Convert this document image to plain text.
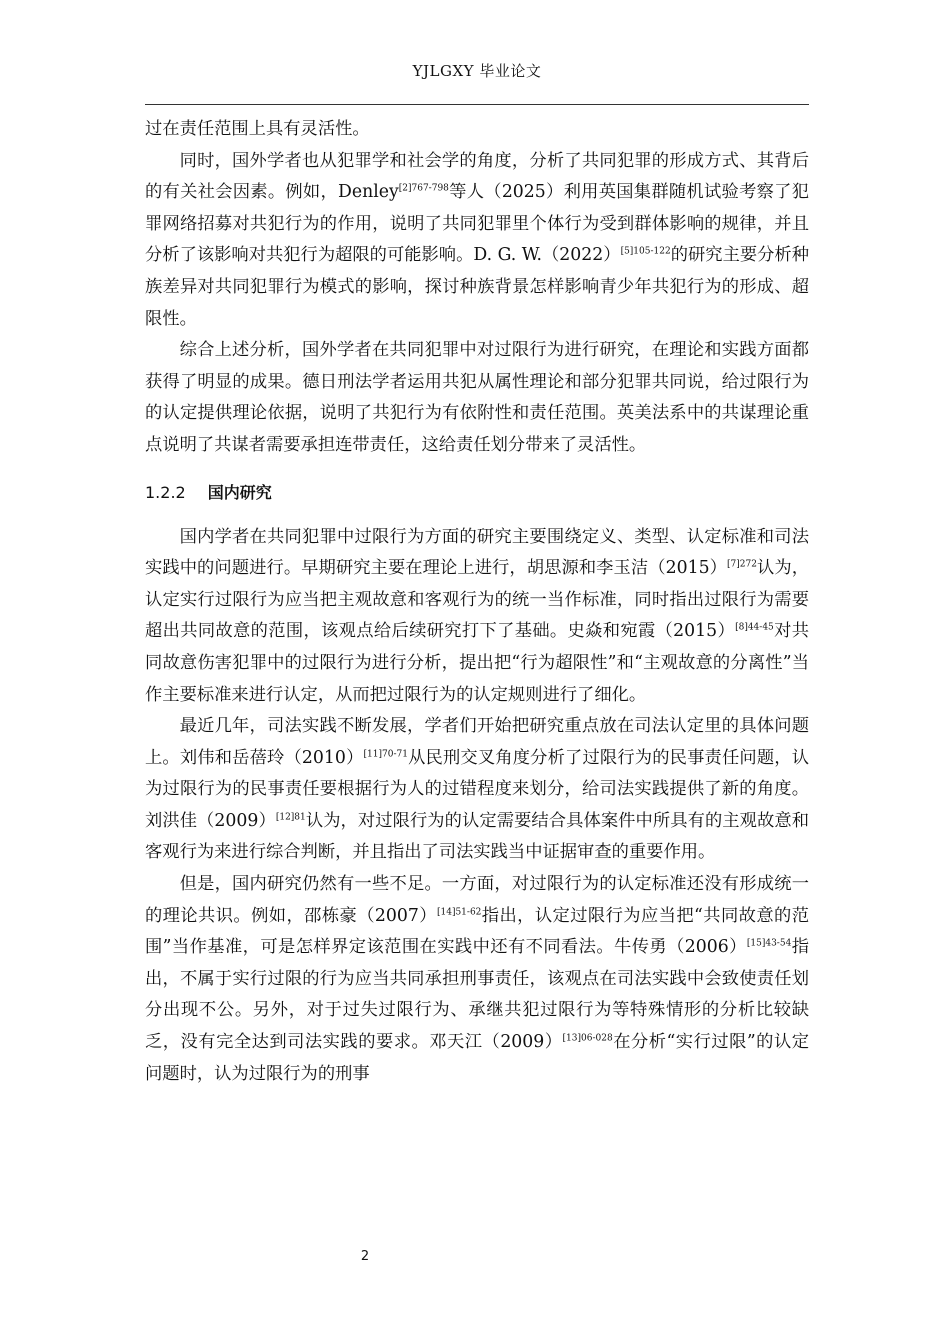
YJLGXY 毕业论文

过在责任范围上具有灵活性。

同时，国外学者也从犯罪学和社会学的角度，分析了共同犯罪的形成方式、其背后的有关社会因素。例如，Denley$^{[2]767-798}$等人（2025）利用英国集群随机试验考察了犯罪网络招募对共犯行为的作用，说明了共同犯罪里个体行为受到群体影响的规律，并且分析了该影响对共犯行为超限的可能影响。D. G. $W.(2022)^{[5]105-122}$的研究主要分析种族差异对共同犯罪行为模式的影响，探讨种族背景怎样影响青少年共犯行为的形成、超限性。

综合上述分析，国外学者在共同犯罪中对过限行为进行研究，在理论和实践方面都获得了明显的成果。德日刑法学者运用共犯从属性理论和部分犯罪共同说，给过限行为的认定提供理论依据，说明了共犯行为有依附性和责任范围。英美法系中的共谋理论重点说明了共谋者需要承担连带责任，这给责任划分带来了灵活性。

1.2.2 国内研究

国内学者在共同犯罪中过限行为方面的研究主要围绕定义、类型、认定标准和司法实践中的问题进行。早期研究主要在理论上进行，胡思源和李玉洁$(2015)^{[7]272}$认为，认定实行过限行为应当把主观故意和客观行为的统一当作标准，同时指出过限行为需要超出共同故意的范围，该观点给后续研究打下了基础。史焱和宛霞$(2015)^{[8]44-45}$对共同故意伤害犯罪中的过限行为进行分析，提出把“行为超限性”和“主观故意的分离性”当作主要标准来进行认定，从而把过限行为的认定规则进行了细化。

最近几年，司法实践不断发展，学者们开始把研究重点放在司法认定里的具体问题上。刘伟和岳蓓玲$(2010)^{[11]70-71}$从民刑交叉角度分析了过限行为的民事责任问题，认为过限行为的民事责任要根据行为人的过错程度来划分，给司法实践提供了新的角度。刘洪佳$(2009)^{[12]81}$认为，对过限行为的认定需要结合具体案件中所具有的主观故意和客观行为来进行综合判断，并且指出了司法实践当中证据审查的重要作用。

但是，国内研究仍然有一些不足。一方面，对过限行为的认定标准还没有形成统一的理论共识。例如，邵栋豪$(2007)^{[14]51-62}$指出，认定过限行为应当把“共同故意的范围”当作基准，可是怎样界定该范围在实践中还有不同看法。牛传勇$(2006)^{[15]43-54}$指出，不属于实行过限的行为应当共同承担刑事责任，该观点在司法实践中会致使责任划分出现不公。另外，对于过失过限行为、承继共犯过限行为等特殊情形的分析比较缺乏，没有完全达到司法实践的要求。邓天江$(2009)^{[13]06-028}$在分析“实行过限”的认定问题时，认为过限行为的刑事

2
